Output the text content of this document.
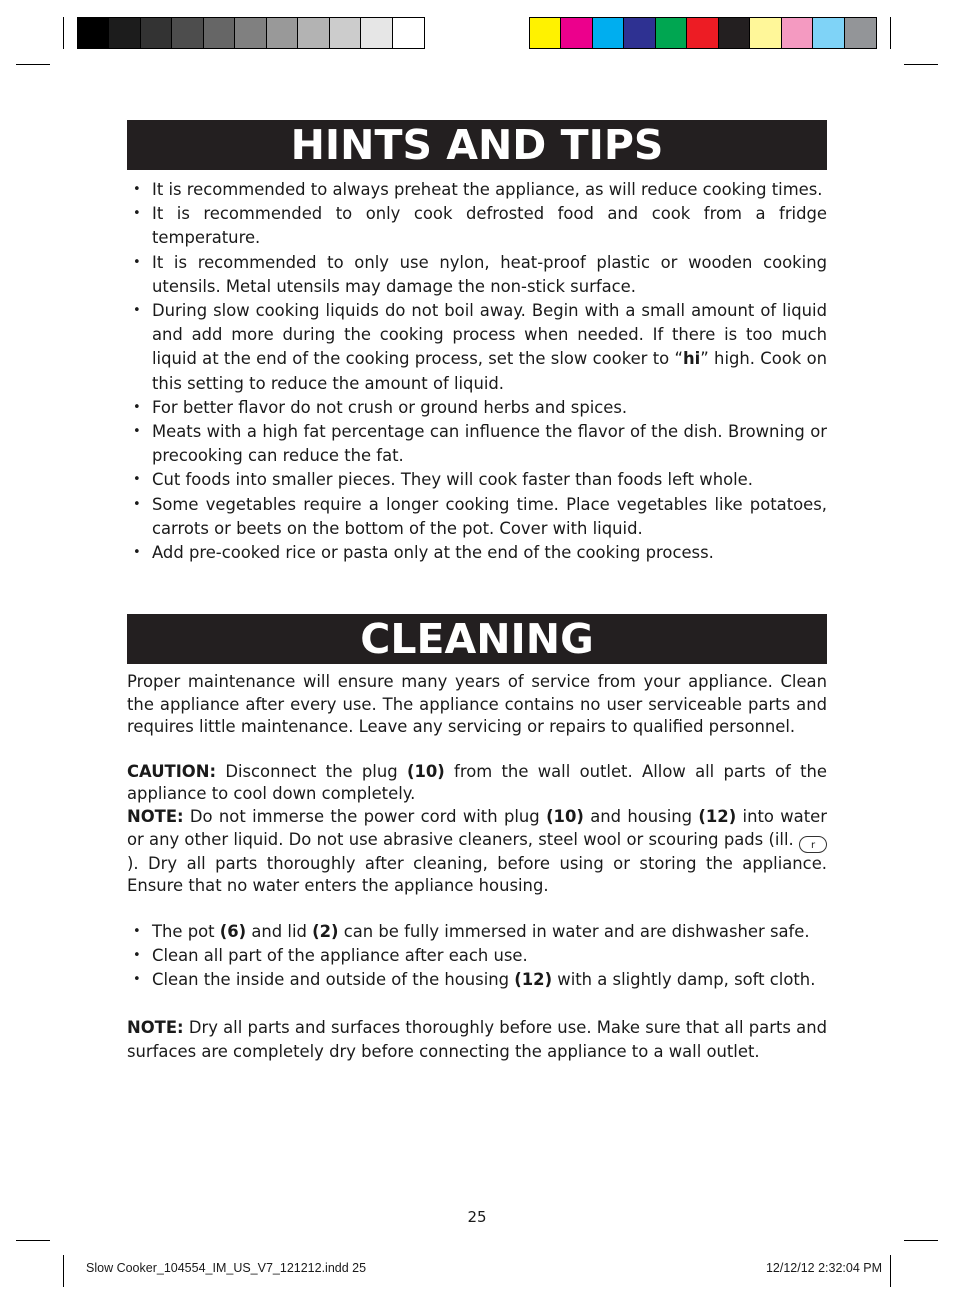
HINTS AND TIPS
• It is recommended to always preheat the appliance, as will reduce cooking times.
• It is recommended to only cook defrosted food and cook from a fridge temperature.
• It is recommended to only use nylon, heat-proof plastic or wooden cooking utensils. Metal utensils may damage the non-stick surface.
• During slow cooking liquids do not boil away. Begin with a small amount of liquid and add more during the cooking process when needed. If there is too much liquid at the end of the cooking process, set the slow cooker to “hi” high. Cook on this setting to reduce the amount of liquid.
• For better flavor do not crush or ground herbs and spices.
• Meats with a high fat percentage can influence the flavor of the dish. Browning or precooking can reduce the fat.
• Cut foods into smaller pieces. They will cook faster than foods left whole.
• Some vegetables require a longer cooking time. Place vegetables like potatoes, carrots or beets on the bottom of the pot. Cover with liquid.
• Add pre-cooked rice or pasta only at the end of the cooking process.
CLEANING

Proper maintenance will ensure many years of service from your appliance. Clean the appliance after every use. The appliance contains no user serviceable parts and requires little maintenance. Leave any servicing or repairs to qualified personnel.

CAUTION: Disconnect the plug (10) from the wall outlet. Allow all parts of the appliance to cool down completely.

NOTE: Do not immerse the power cord with plug (10) and housing (12) into water or any other liquid. Do not use abrasive cleaners, steel wool or scouring pads (ill. r). Dry all parts thoroughly after cleaning, before using or storing the appliance. Ensure that no water enters the appliance housing.

• The pot (6) and lid (2) can be fully immersed in water and are dishwasher safe.
• Clean all part of the appliance after each use.
• Clean the inside and outside of the housing (12) with a slightly damp, soft cloth.

NOTE: Dry all parts and surfaces thoroughly before use. Make sure that all parts and surfaces are completely dry before connecting the appliance to a wall outlet.

25
Slow Cooker_104554_IM_US_V7_121212.indd 25	12/12/12 2:32:04 PM
